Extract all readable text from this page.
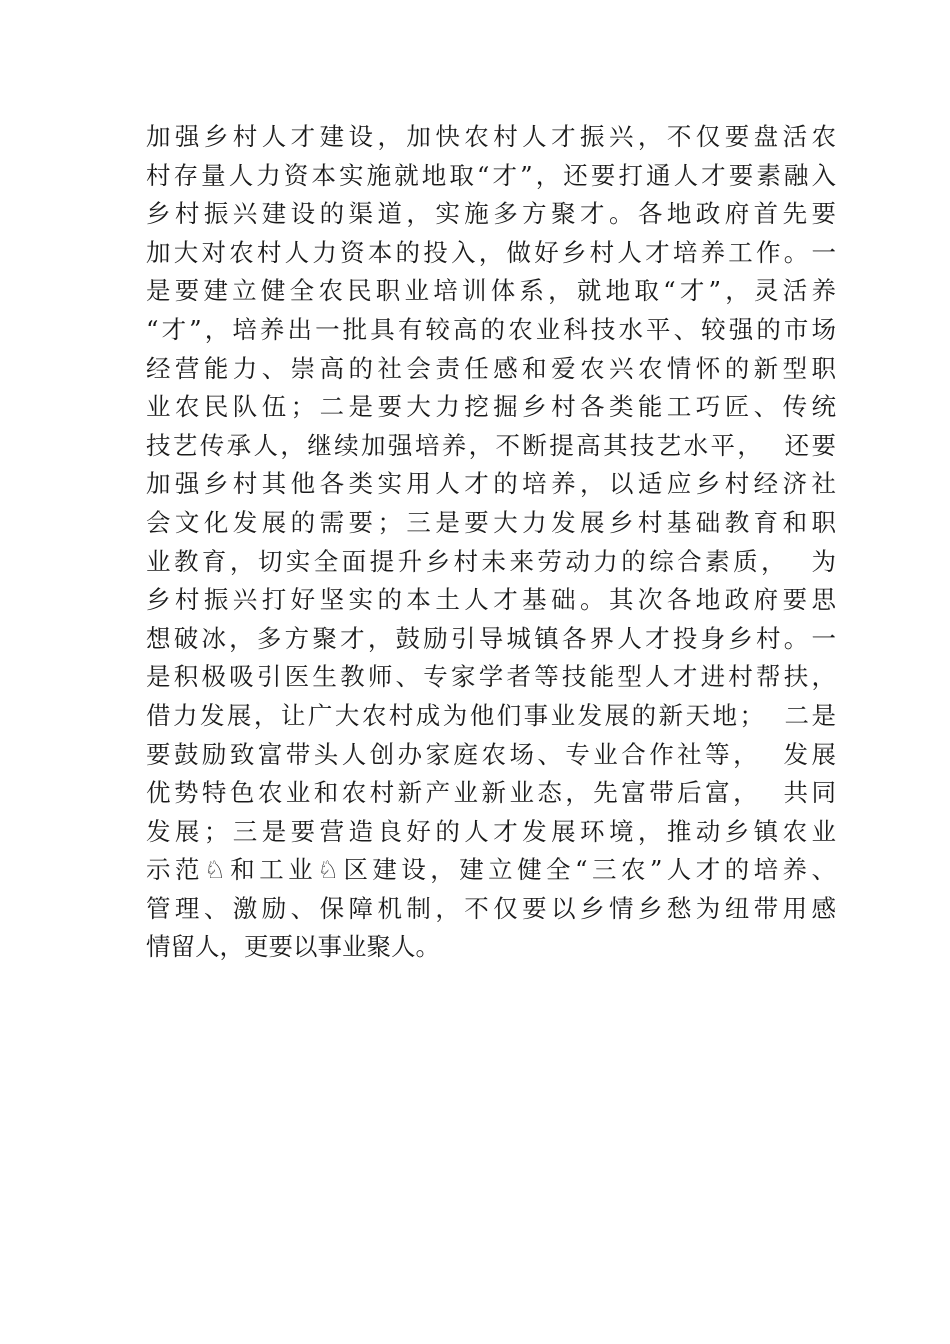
加强乡村人才建设，加快农村人才振兴，不仅要盘活农
村存量人力资本实施就地取“才”，还要打通人才要素融入
乡村振兴建设的渠道，实施多方聚才。各地政府首先要
加大对农村人力资本的投入，做好乡村人才培养工作。一
是要建立健全农民职业培训体系，就地取“才”，灵活养
“才”，培养出一批具有较高的农业科技水平、较强的市场
经营能力、崇高的社会责任感和爱农兴农情怀的新型职
业农民队伍；二是要大力挖掘乡村各类能工巧匠、传统
技艺传承人，继续加强培养，不断提高其技艺水平，  还要
加强乡村其他各类实用人才的培养，以适应乡村经济社
会文化发展的需要；三是要大力发展乡村基础教育和职
业教育，切实全面提升乡村未来劳动力的综合素质，  为
乡村振兴打好坚实的本土人才基础。其次各地政府要思
想破冰，多方聚才，鼓励引导城镇各界人才投身乡村。一
是积极吸引医生教师、专家学者等技能型人才进村帮扶，
借力发展，让广大农村成为他们事业发展的新天地；  二是
要鼓励致富带头人创办家庭农场、专业合作社等，  发展
优势特色农业和农村新产业新业态，先富带后富，  共同
发展；三是要营造良好的人才发展环境，推动乡镇农业
示范♘和工业♘区建设，建立健全“三农”人才的培养、
管理、激励、保障机制，不仅要以乡情乡愁为纽带用感
情留人，更要以事业聚人。
